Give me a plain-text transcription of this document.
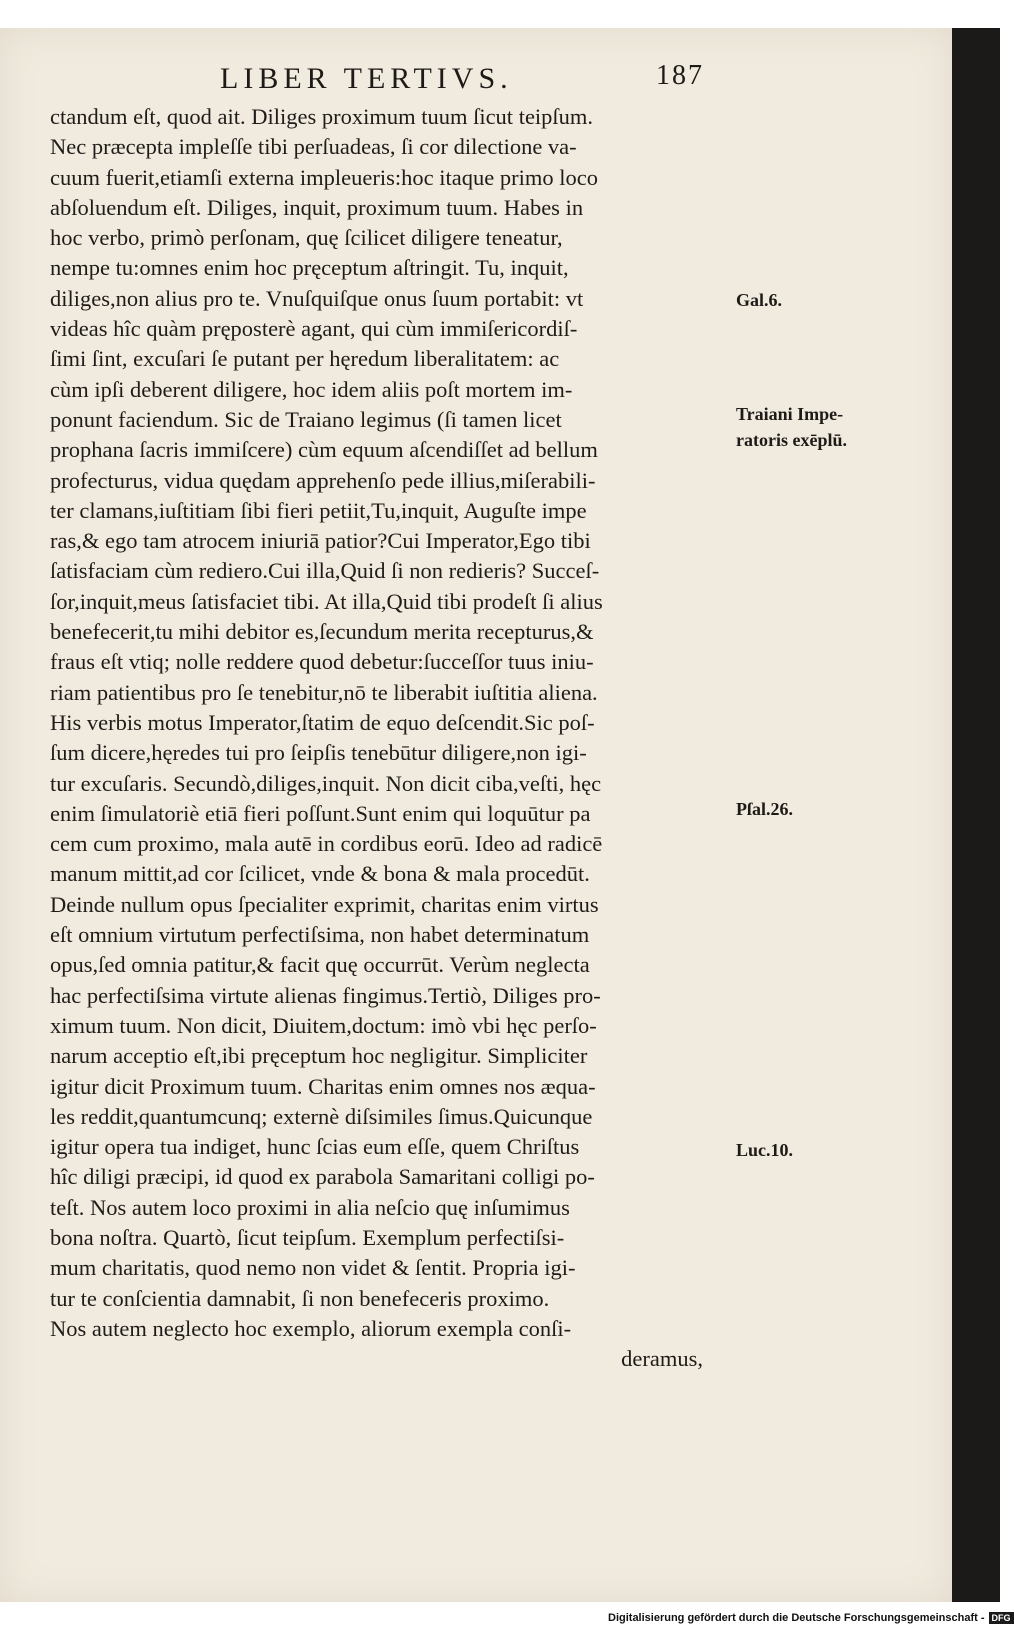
LIBER TERTIVS.	187
ctandum eſt, quod ait. Diliges proximum tuum ſicut teipſum.
Nec præcepta impleſſe tibi perſuadeas, ſi cor dilectione va-
cuum fuerit,etiamſi externa impleueris:hoc itaque primo loco
abſoluendum eſt. Diliges, inquit, proximum tuum. Habes in
hoc verbo, primò perſonam, quę ſcilicet diligere teneatur,
nempe tu:omnes enim hoc pręceptum aſtringit. Tu, inquit,
diliges,non alius pro te. Vnuſquiſque onus ſuum portabit: vt
videas hîc quàm pręposterè agant, qui cùm immiſericordiſ-
ſimi ſint, excuſari ſe putant per hęredum liberalitatem: ac
cùm ipſi deberent diligere, hoc idem aliis poſt mortem im-
ponunt faciendum. Sic de Traiano legimus (ſi tamen licet
prophana ſacris immiſcere) cùm equum aſcendiſſet ad bellum
profecturus, vidua quędam apprehenſo pede illius,miſerabili-
ter clamans,iuſtitiam ſibi fieri petiit,Tu,inquit, Auguſte impe
ras,& ego tam atrocem iniuriā patior?Cui Imperator,Ego tibi
ſatisfaciam cùm rediero.Cui illa,Quid ſi non redieris? Succeſ-
ſor,inquit,meus ſatisfaciet tibi. At illa,Quid tibi prodeſt ſi alius
benefecerit,tu mihi debitor es,ſecundum merita recepturus,&
fraus eſt vtiq; nolle reddere quod debetur:ſucceſſor tuus iniu-
riam patientibus pro ſe tenebitur,nō te liberabit iuſtitia aliena.
His verbis motus Imperator,ſtatim de equo deſcendit.Sic poſ-
ſum dicere,hęredes tui pro ſeipſis tenebūtur diligere,non igi-
tur excuſaris. Secundò,diliges,inquit. Non dicit ciba,veſti, hęc
enim ſimulatoriè etiā fieri poſſunt.Sunt enim qui loquūtur pa
cem cum proximo, mala autē in cordibus eorū. Ideo ad radicē
manum mittit,ad cor ſcilicet, vnde & bona & mala procedūt.
Deinde nullum opus ſpecialiter exprimit, charitas enim virtus
eſt omnium virtutum perfectiſsima, non habet determinatum
opus,ſed omnia patitur,& facit quę occurrūt. Verùm neglecta
hac perfectiſsima virtute alienas fingimus.Tertiò, Diliges pro-
ximum tuum. Non dicit, Diuitem,doctum: imò vbi hęc perſo-
narum acceptio eſt,ibi pręceptum hoc negligitur. Simpliciter
igitur dicit Proximum tuum. Charitas enim omnes nos æqua-
les reddit,quantumcunq; externè diſsimiles ſimus.Quicunque
igitur opera tua indiget, hunc ſcias eum eſſe, quem Chriſtus
hîc diligi præcipi, id quod ex parabola Samaritani colligi po-
teſt. Nos autem loco proximi in alia neſcio quę inſumimus
bona noſtra. Quartò, ſicut teipſum. Exemplum perfectiſsi-
mum charitatis, quod nemo non videt & ſentit. Propria igi-
tur te conſcientia damnabit, ſi non benefeceris proximo.
Nos autem neglecto hoc exemplo, aliorum exempla conſi-
deramus,
Gal.6.
Traiani Impe-
ratoris exēplū.
Pſal.26.
Luc.10.
Digitalisierung gefördert durch die Deutsche Forschungsgemeinschaft - DFG
